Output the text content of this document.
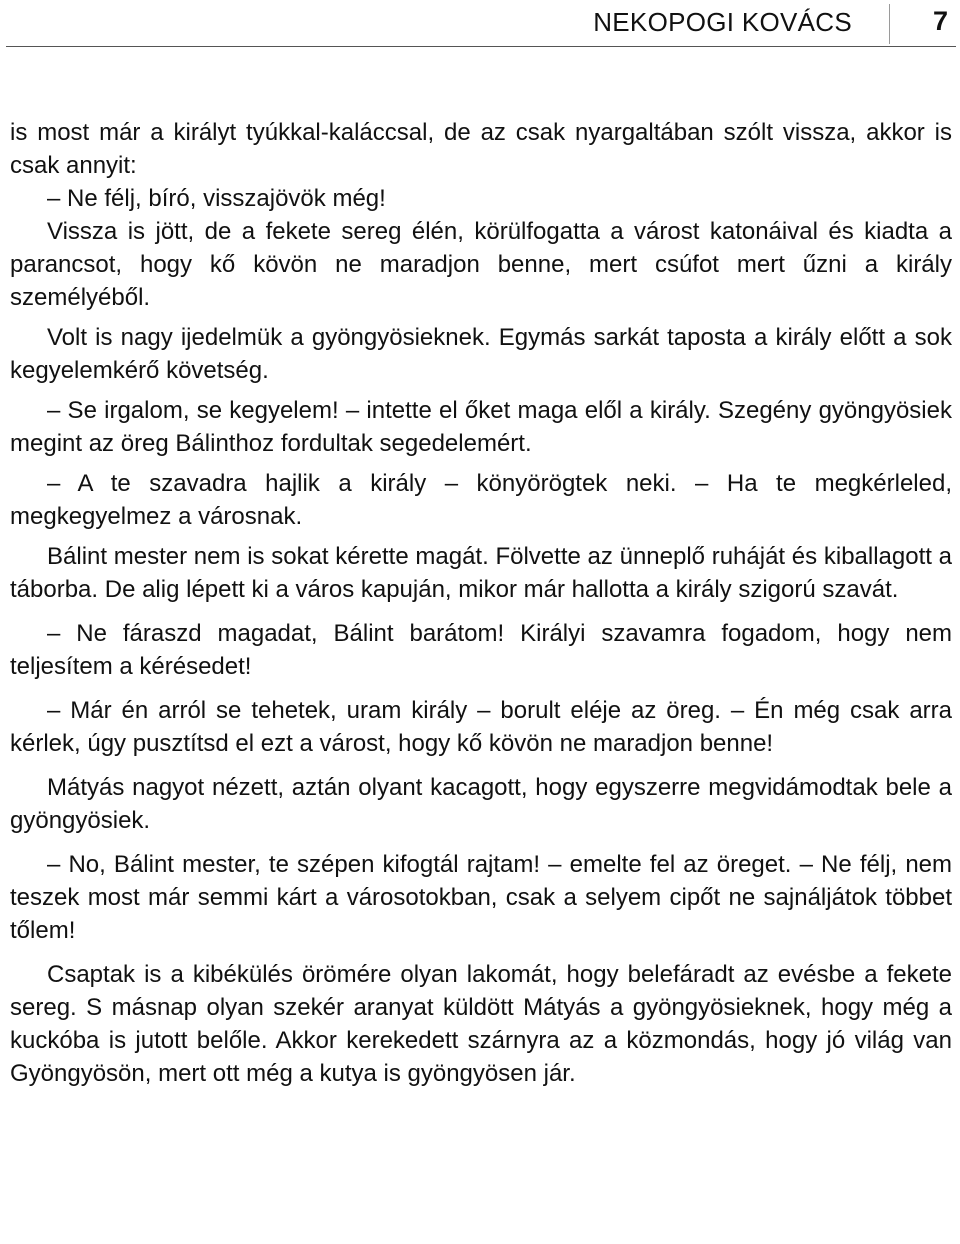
NEKOPOGI KOVÁCS	7

is most már a királyt tyúkkal-kaláccsal, de az csak nyargaltában szólt vissza, akkor is csak annyit:

– Ne félj, bíró, visszajövök még!

Vissza is jött, de a fekete sereg élén, körülfogatta a várost katonáival és kiadta a parancsot, hogy kő kövön ne maradjon benne, mert csúfot mert űzni a király személyéből.

Volt is nagy ijedelmük a gyöngyösieknek. Egymás sarkát taposta a király előtt a sok kegyelemkérő követség.

– Se irgalom, se kegyelem! – intette el őket maga elől a király. Szegény gyöngyösiek megint az öreg Bálinthoz fordultak segedelemért.

– A te szavadra hajlik a király – könyörögtek neki. – Ha te megkérleled, megkegyelmez a városnak.

Bálint mester nem is sokat kérette magát. Fölvette az ünneplő ruháját és kiballagott a táborba. De alig lépett ki a város kapuján, mikor már hallotta a király szigorú szavát.

– Ne fáraszd magadat, Bálint barátom! Királyi szavamra fogadom, hogy nem teljesítem a kérésedet!

– Már én arról se tehetek, uram király – borult eléje az öreg. – Én még csak arra kérlek, úgy pusztítsd el ezt a várost, hogy kő kövön ne maradjon benne!

Mátyás nagyot nézett, aztán olyant kacagott, hogy egyszerre megvidámodtak bele a gyöngyösiek.

– No, Bálint mester, te szépen kifogtál rajtam! – emelte fel az öreget. – Ne félj, nem teszek most már semmi kárt a városotokban, csak a selyem cipőt ne sajnáljátok többet tőlem!

Csaptak is a kibékülés örömére olyan lakomát, hogy belefáradt az evésbe a fekete sereg. S másnap olyan szekér aranyat küldött Mátyás a gyöngyösieknek, hogy még a kuckóba is jutott belőle. Akkor kerekedett szárnyra az a közmondás, hogy jó világ van Gyöngyösön, mert ott még a kutya is gyöngyösen jár.
